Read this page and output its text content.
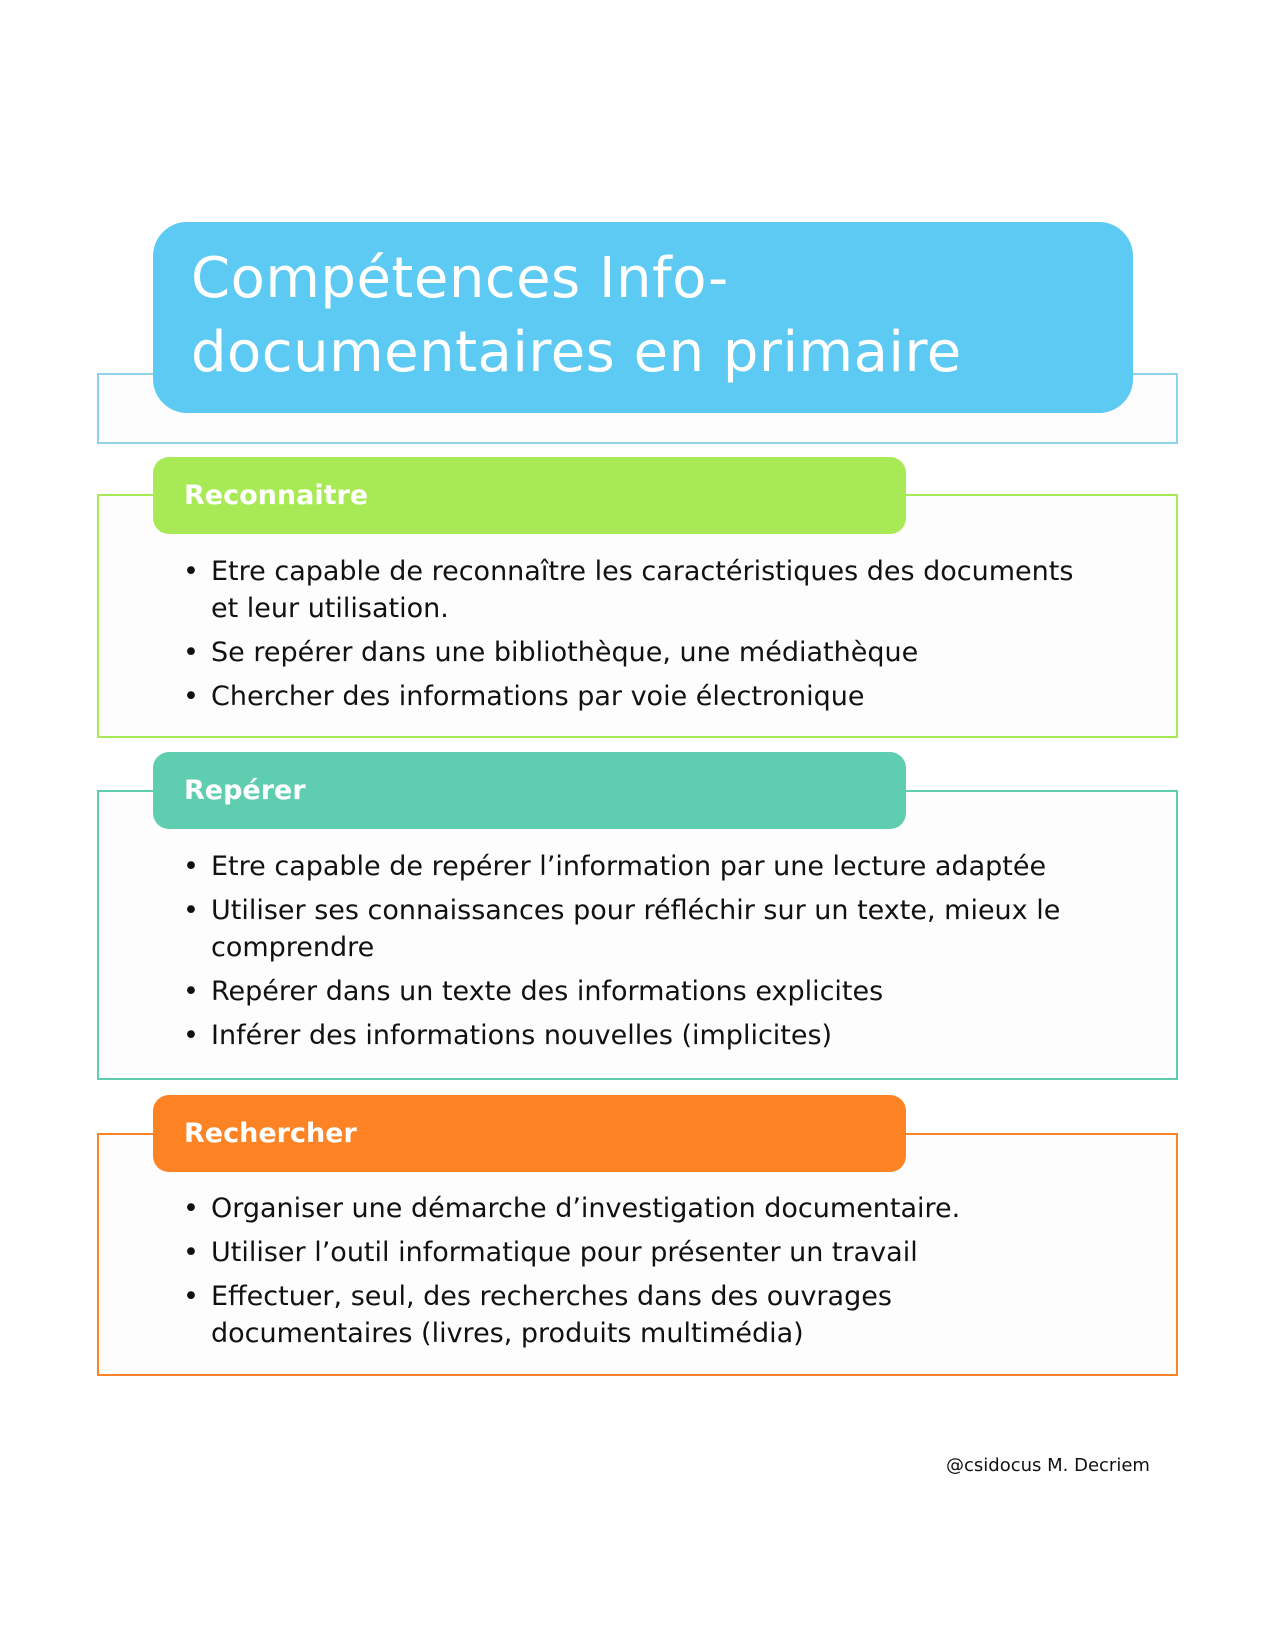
Compétences Info-documentaires en primaire
Reconnaitre
• Etre capable de reconnaître les caractéristiques des documents et leur utilisation.
• Se repérer dans une bibliothèque, une médiathèque
• Chercher des informations par voie électronique
Repérer
• Etre capable de repérer l’information par une lecture adaptée
• Utiliser ses connaissances pour réfléchir sur un texte, mieux le comprendre
• Repérer dans un texte des informations explicites
• Inférer des informations nouvelles (implicites)
Rechercher
• Organiser une démarche d’investigation documentaire.
• Utiliser l’outil informatique pour présenter un travail
• Effectuer, seul, des recherches dans des ouvrages documentaires (livres, produits multimédia)
@csidocus M. Decriem
